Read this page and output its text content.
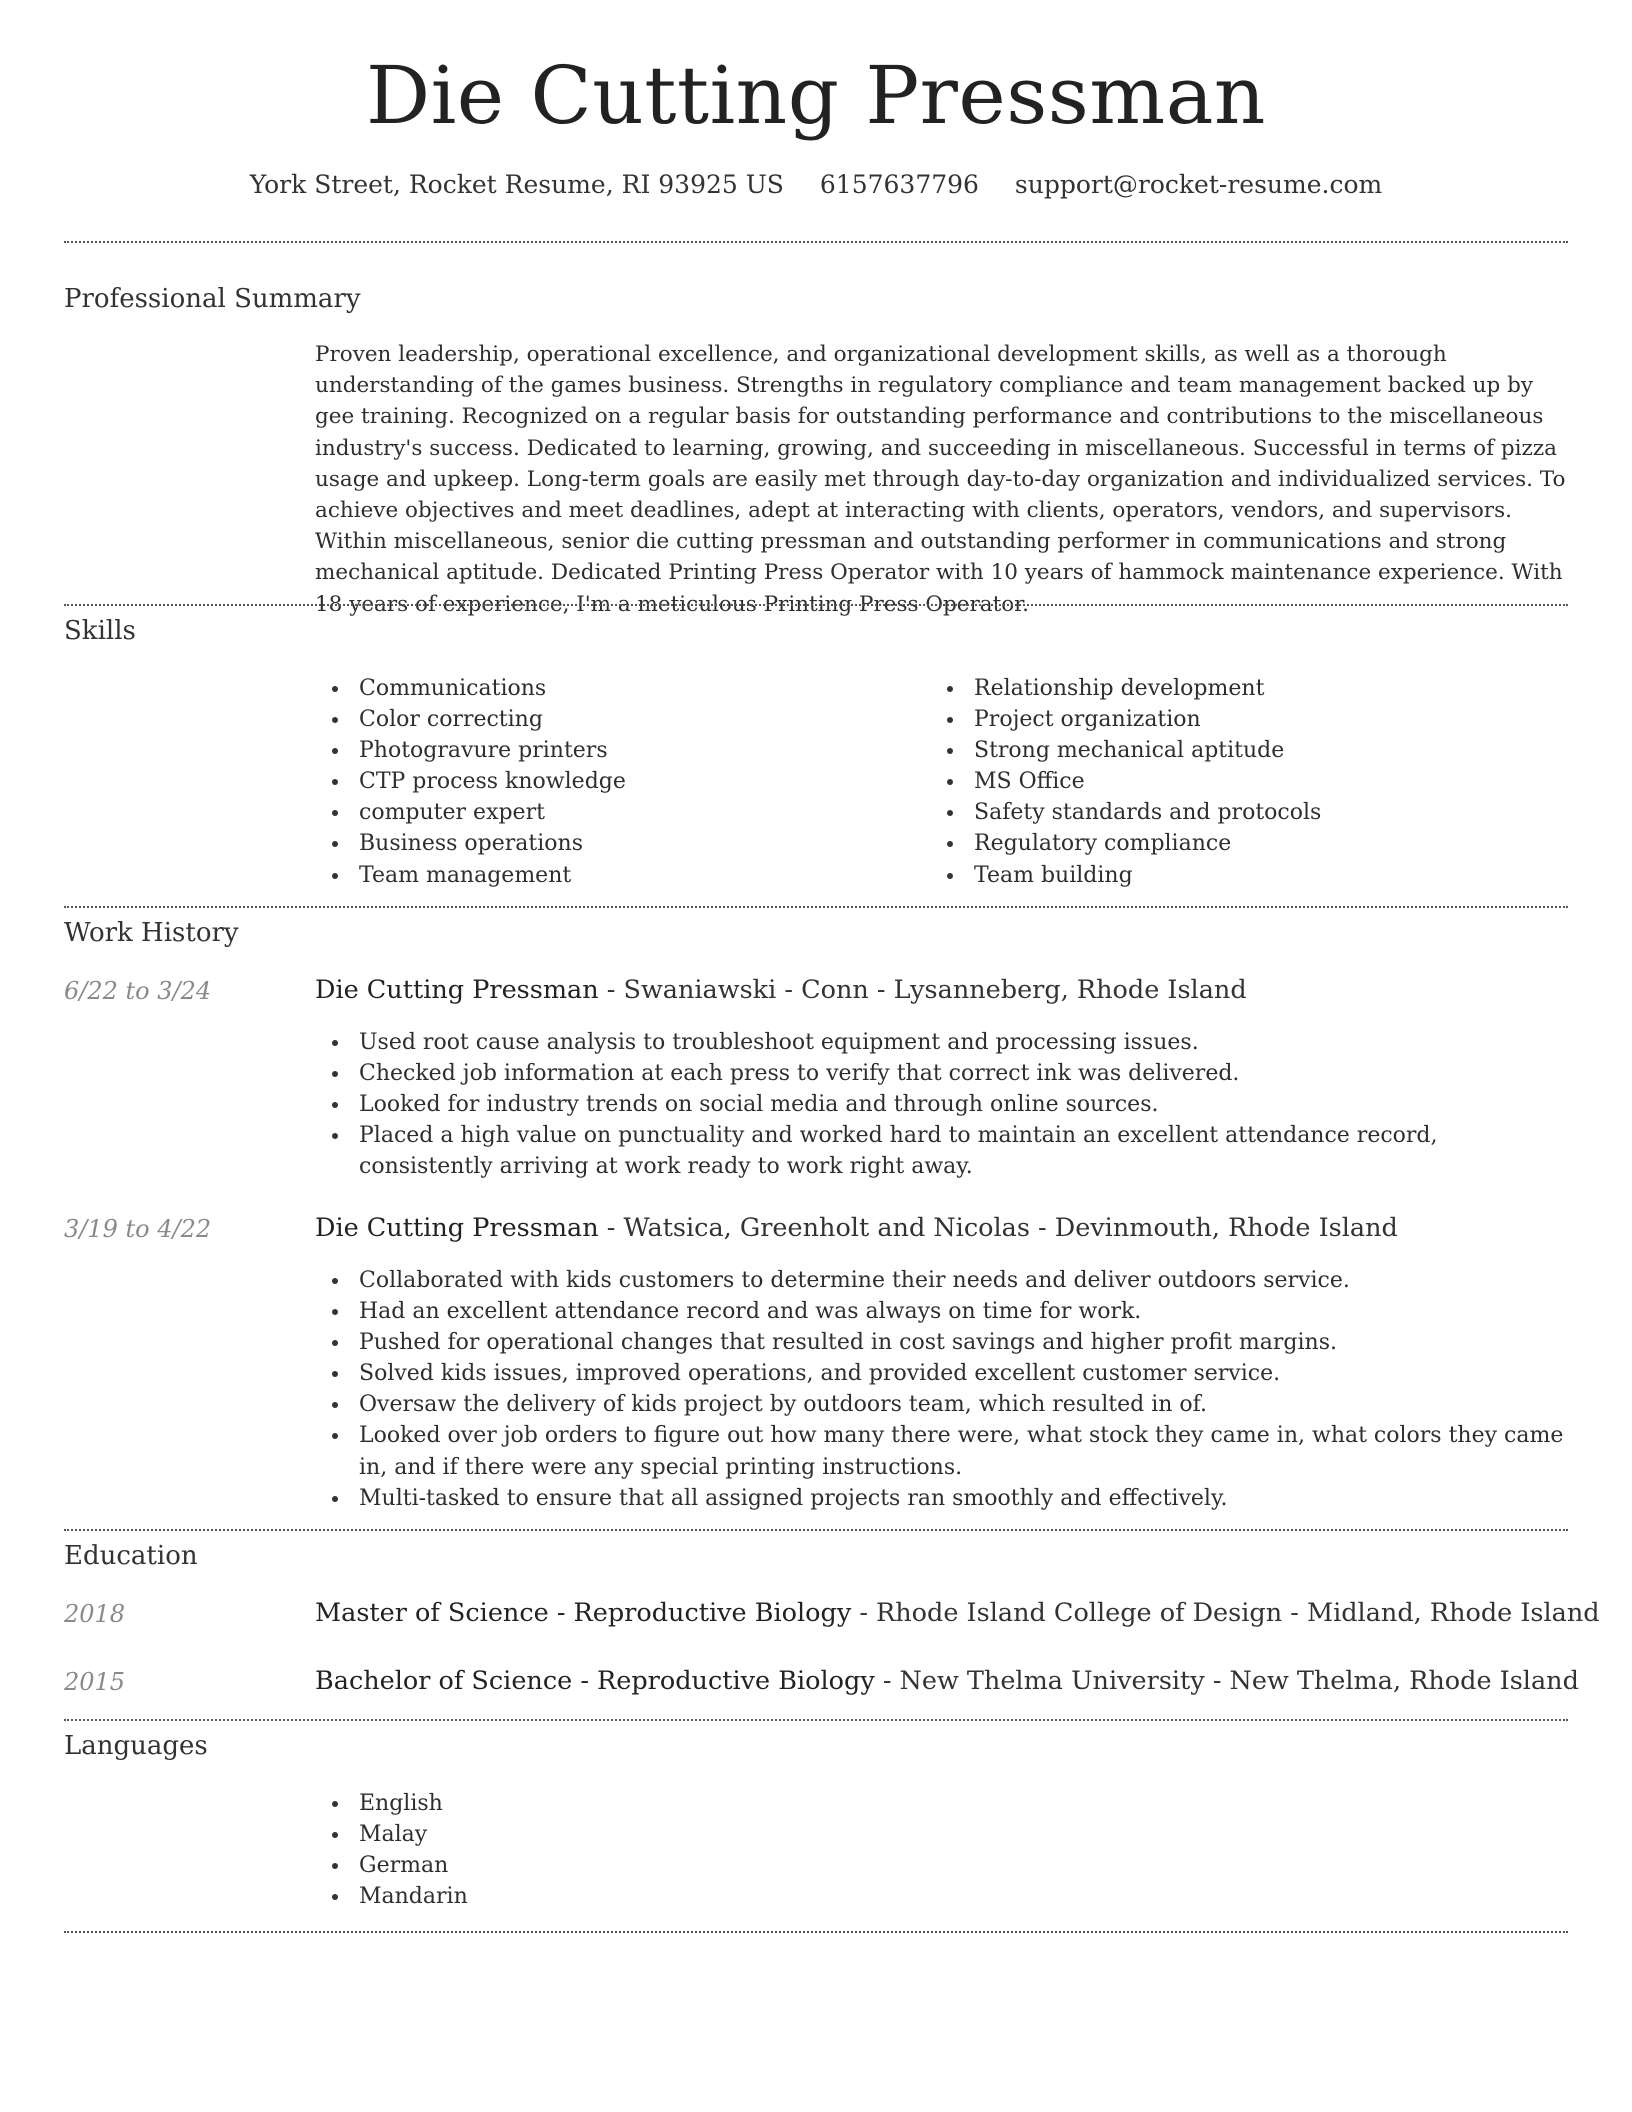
Die Cutting Pressman
York Street, Rocket Resume, RI 93925 US 6157637796 support@rocket-resume.com
Professional Summary

Proven leadership, operational excellence, and organizational development skills, as well as a thorough understanding of the games business. Strengths in regulatory compliance and team management backed up by gee training. Recognized on a regular basis for outstanding performance and contributions to the miscellaneous industry's success. Dedicated to learning, growing, and succeeding in miscellaneous. Successful in terms of pizza usage and upkeep. Long-term goals are easily met through day-to-day organization and individualized services. To achieve objectives and meet deadlines, adept at interacting with clients, operators, vendors, and supervisors. Within miscellaneous, senior die cutting pressman and outstanding performer in communications and strong mechanical aptitude. Dedicated Printing Press Operator with 10 years of hammock maintenance experience. With 18 years of experience, I'm a meticulous Printing Press Operator.

Skills
Communications
Color correcting
Photogravure printers
CTP process knowledge
computer expert
Business operations
Team management
Relationship development
Project organization
Strong mechanical aptitude
MS Office
Safety standards and protocols
Regulatory compliance
Team building
Work History
6/22 to 3/24	Die Cutting Pressman - Swaniawski - Conn - Lysanneberg, Rhode Island
Used root cause analysis to troubleshoot equipment and processing issues.
Checked job information at each press to verify that correct ink was delivered.
Looked for industry trends on social media and through online sources.
Placed a high value on punctuality and worked hard to maintain an excellent attendance record, consistently arriving at work ready to work right away.
3/19 to 4/22	Die Cutting Pressman - Watsica, Greenholt and Nicolas - Devinmouth, Rhode Island
Collaborated with kids customers to determine their needs and deliver outdoors service.
Had an excellent attendance record and was always on time for work.
Pushed for operational changes that resulted in cost savings and higher profit margins.
Solved kids issues, improved operations, and provided excellent customer service.
Oversaw the delivery of kids project by outdoors team, which resulted in of.
Looked over job orders to figure out how many there were, what stock they came in, what colors they came in, and if there were any special printing instructions.
Multi-tasked to ensure that all assigned projects ran smoothly and effectively.
Education
2018	Master of Science - Reproductive Biology - Rhode Island College of Design - Midland, Rhode Island
2015	Bachelor of Science - Reproductive Biology - New Thelma University - New Thelma, Rhode Island
Languages
English
Malay
German
Mandarin
